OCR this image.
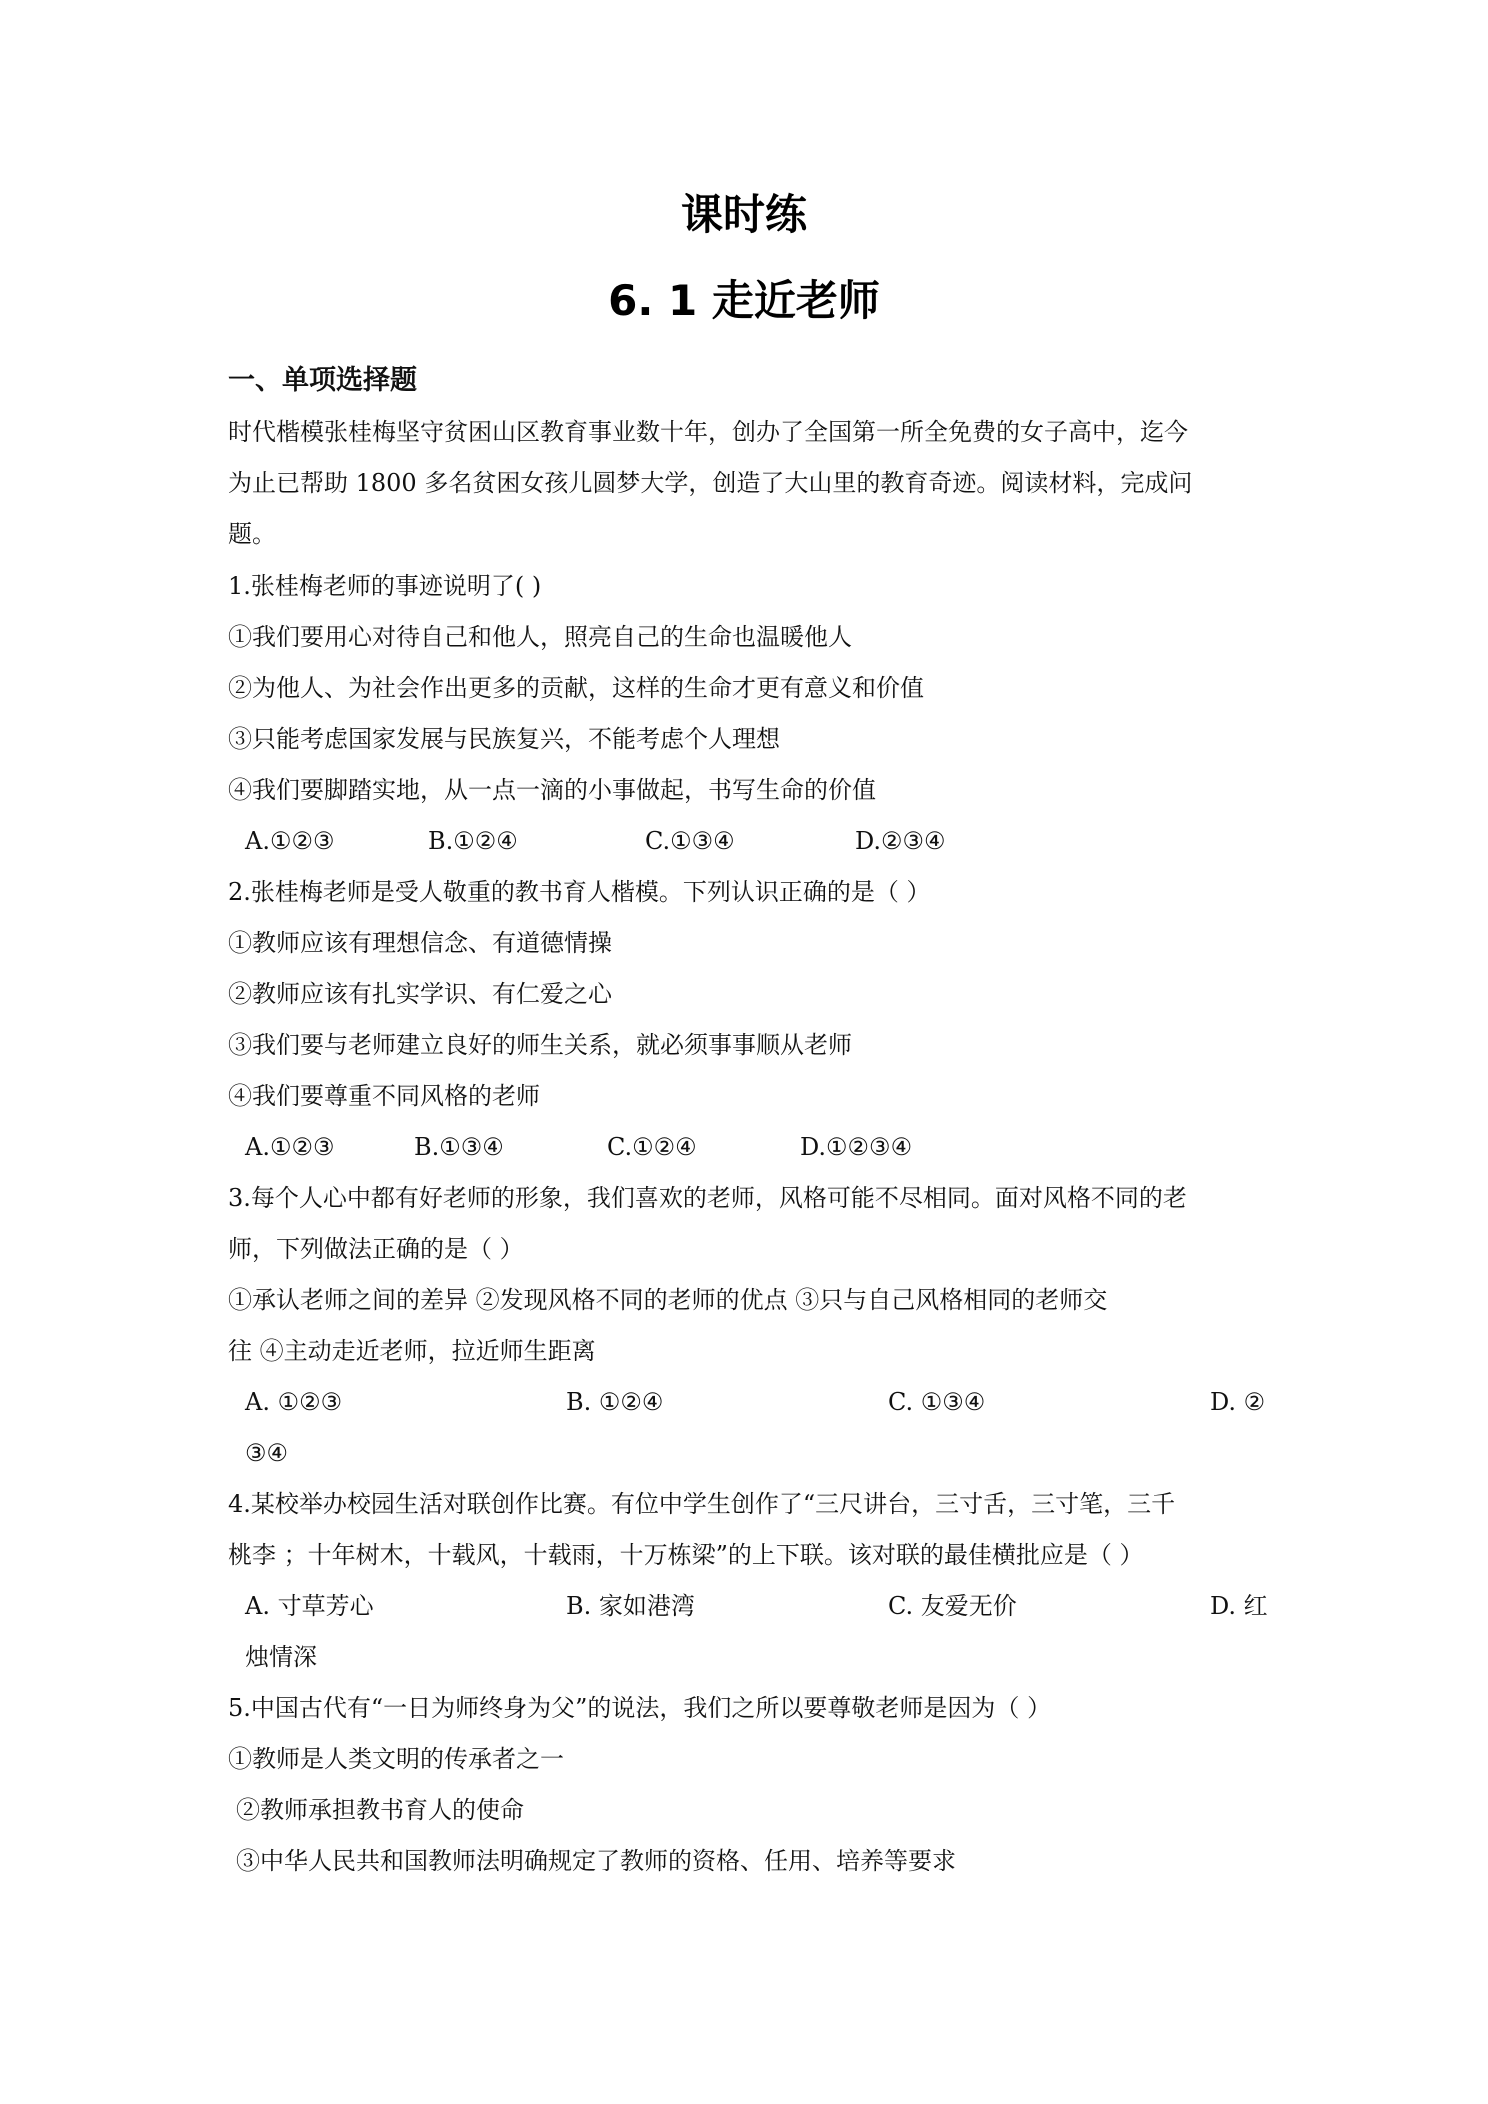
课时练
6. 1 走近老师
一、单项选择题
时代楷模张桂梅坚守贫困山区教育事业数十年，创办了全国第一所全免费的女子高中，迄今
为止已帮助 1800 多名贫困女孩儿圆梦大学，创造了大山里的教育奇迹。阅读材料，完成问
题。
1.张桂梅老师的事迹说明了( )
①我们要用心对待自己和他人，照亮自己的生命也温暖他人
②为他人、为社会作出更多的贡献，这样的生命才更有意义和价值
③只能考虑国家发展与民族复兴，不能考虑个人理想
④我们要脚踏实地，从一点一滴的小事做起，书写生命的价值
A.①②③	B.①②④	C.①③④	D.②③④
2.张桂梅老师是受人敬重的教书育人楷模。下列认识正确的是（ ）
①教师应该有理想信念、有道德情操
②教师应该有扎实学识、有仁爱之心
③我们要与老师建立良好的师生关系，就必须事事顺从老师
④我们要尊重不同风格的老师
A.①②③	B.①③④	C.①②④	D.①②③④
3.每个人心中都有好老师的形象，我们喜欢的老师，风格可能不尽相同。面对风格不同的老
师，下列做法正确的是（ ）
①承认老师之间的差异 ②发现风格不同的老师的优点 ③只与自己风格相同的老师交
往 ④主动走近老师，拉近师生距离
A. ①②③	B. ①②④	C. ①③④	D. ②
③④
4.某校举办校园生活对联创作比赛。有位中学生创作了“三尺讲台，三寸舌，三寸笔，三千
桃李 ；十年树木，十载风，十载雨，十万栋梁”的上下联。该对联的最佳横批应是（ ）
A. 寸草芳心	B. 家如港湾	C. 友爱无价	D. 红
烛情深
5.中国古代有“一日为师终身为父”的说法，我们之所以要尊敬老师是因为（ ）
①教师是人类文明的传承者之一
②教师承担教书育人的使命
③中华人民共和国教师法明确规定了教师的资格、任用、培养等要求
